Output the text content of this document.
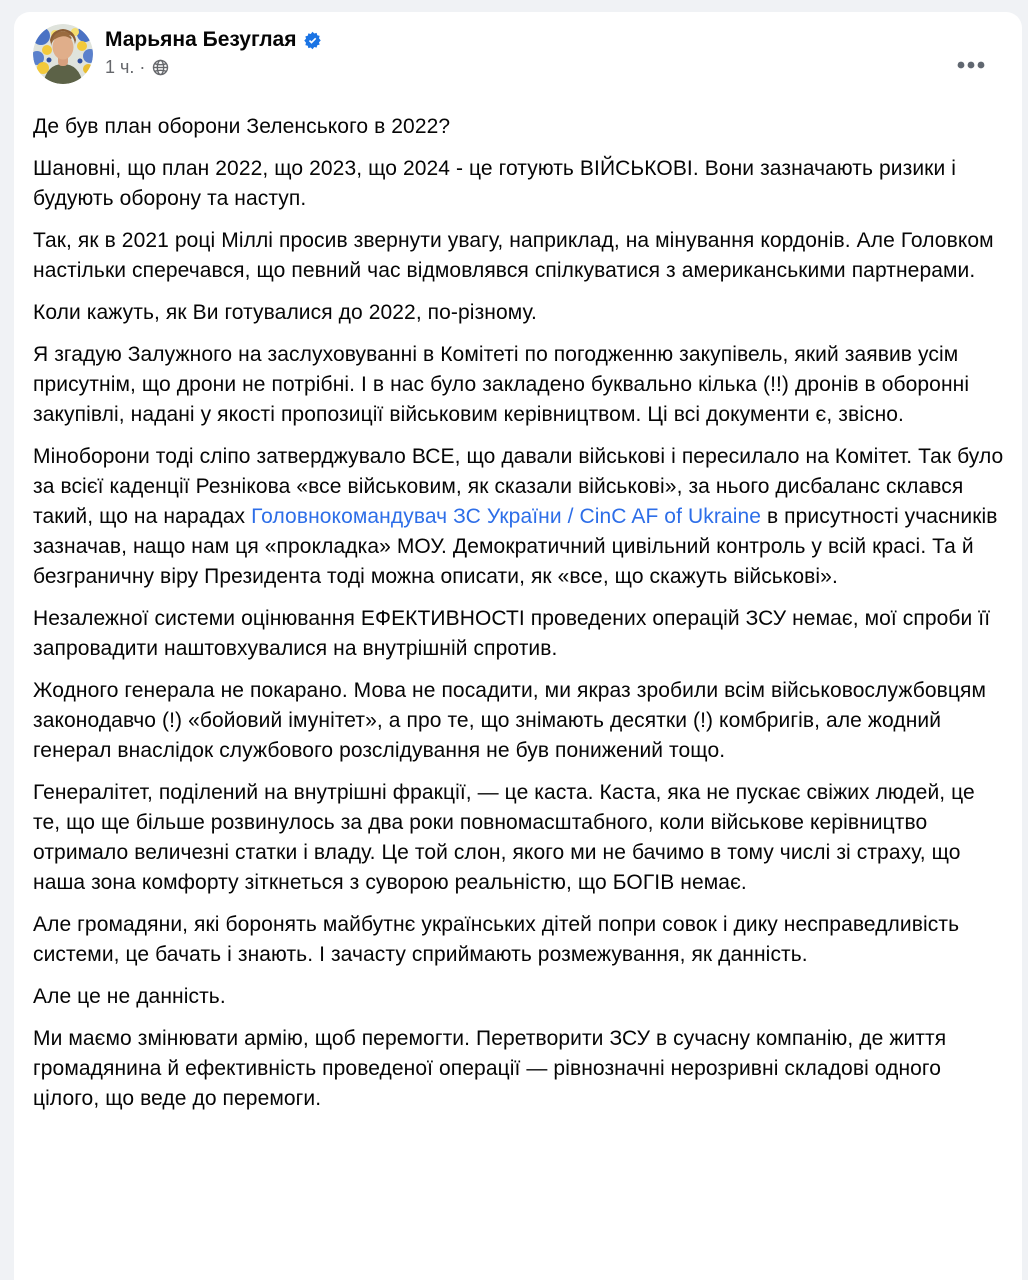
Марьяна Безуглая
1 ч. ·

Де був план оборони Зеленського в 2022?

Шановні, що план 2022, що 2023, що 2024 - це готують ВІЙСЬКОВІ. Вони зазначають ризики і будують оборону та наступ.

Так, як в 2021 році Міллі просив звернути увагу, наприклад, на мінування кордонів. Але Головком настільки сперечався, що певний час відмовлявся спілкуватися з американськими партнерами.

Коли кажуть, як Ви готувалися до 2022, по-різному.

Я згадую Залужного на заслуховуванні в Комітеті по погодженню закупівель, який заявив усім присутнім, що дрони не потрібні. І в нас було закладено буквально кілька (!!) дронів в оборонні закупівлі, надані у якості пропозиції військовим керівництвом. Ці всі документи є, звісно.

Міноборони тоді сліпо затверджувало ВСЕ, що давали військові і пересилало на Комітет. Так було за всієї каденції Резнікова «все військовим, як сказали військові», за нього дисбаланс склався такий, що на нарадах Головнокомандувач ЗС України / CinC AF of Ukraine в присутності учасників зазначав, нащо нам ця «прокладка» МОУ. Демократичний цивільний контроль у всій красі. Та й безграничну віру Президента тоді можна описати, як «все, що скажуть військові».

Незалежної системи оцінювання ЕФЕКТИВНОСТІ проведених операцій ЗСУ немає, мої спроби її запровадити наштовхувалися на внутрішній спротив.

Жодного генерала не покарано. Мова не посадити, ми якраз зробили всім військовослужбовцям законодавчо (!) «бойовий імунітет», а про те, що знімають десятки (!) комбригів, але жодний генерал внаслідок службового розслідування не був понижений тощо.

Генералітет, поділений на внутрішні фракції, — це каста. Каста, яка не пускає свіжих людей, це те, що ще більше розвинулось за два роки повномасштабного, коли військове керівництво отримало величезні статки і владу. Це той слон, якого ми не бачимо в тому числі зі страху, що наша зона комфорту зіткнеться з суворою реальністю, що БОГІВ немає.

Але громадяни, які боронять майбутнє українських дітей попри совок і дику несправедливість системи, це бачать і знають. І зачасту сприймають розмежування, як данність.

Але це не данність.

Ми маємо змінювати армію, щоб перемогти. Перетворити ЗСУ в сучасну компанію, де життя громадянина й ефективність проведеної операції — рівнозначні нерозривні складові одного цілого, що веде до перемоги.
